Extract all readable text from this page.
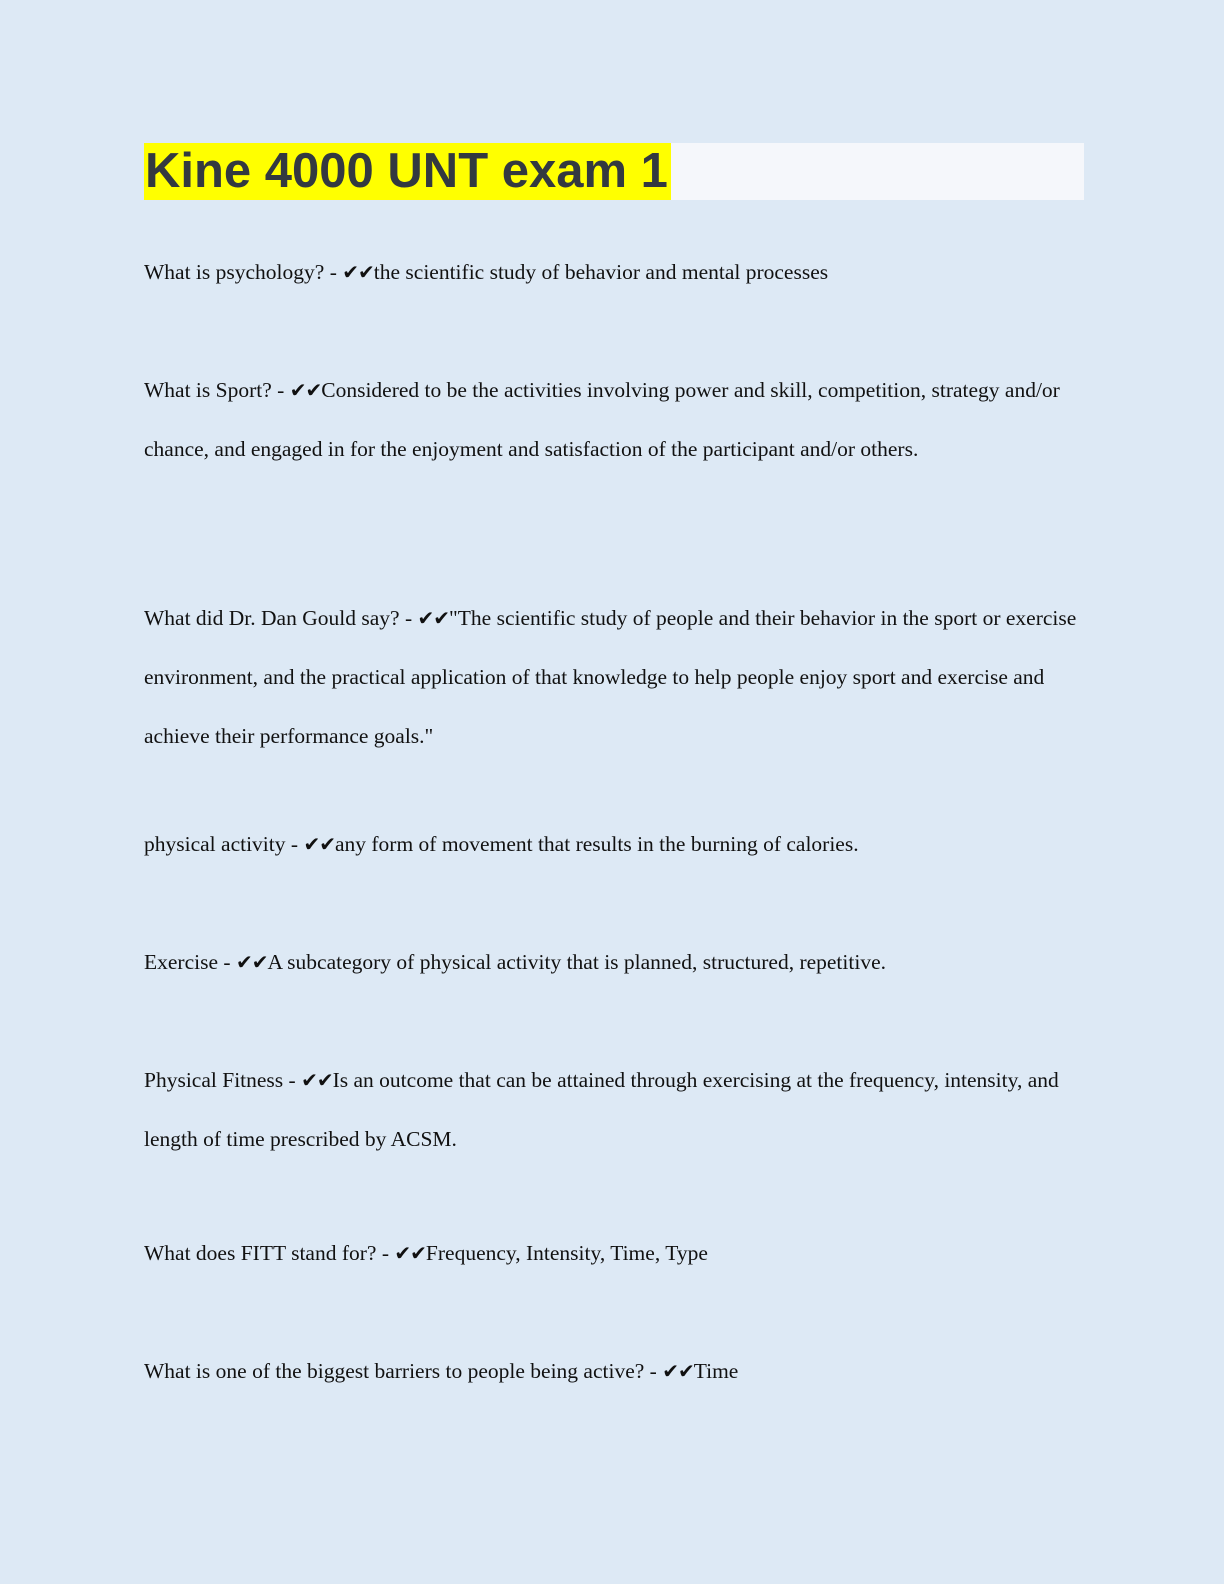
Kine 4000 UNT exam 1

What is psychology? - ✔✔the scientific study of behavior and mental processes

What is Sport? - ✔✔Considered to be the activities involving power and skill, competition, strategy and/or chance, and engaged in for the enjoyment and satisfaction of the participant and/or others.

What did Dr. Dan Gould say? - ✔✔"The scientific study of people and their behavior in the sport or exercise environment, and the practical application of that knowledge to help people enjoy sport and exercise and achieve their performance goals."

physical activity - ✔✔any form of movement that results in the burning of calories.

Exercise - ✔✔A subcategory of physical activity that is planned, structured, repetitive.

Physical Fitness - ✔✔Is an outcome that can be attained through exercising at the frequency, intensity, and length of time prescribed by ACSM.

What does FITT stand for? - ✔✔Frequency, Intensity, Time, Type

What is one of the biggest barriers to people being active? - ✔✔Time
